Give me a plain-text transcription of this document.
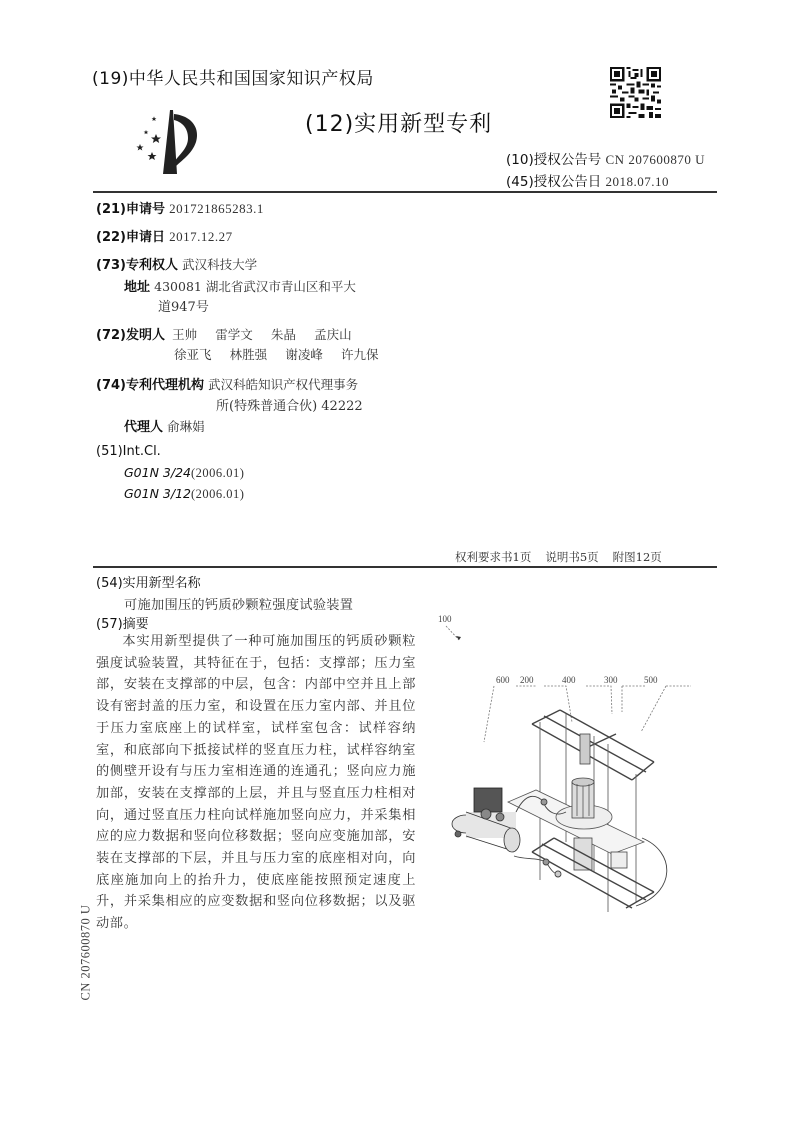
(19)中华人民共和国国家知识产权局
(12)实用新型专利
(10)授权公告号 CN 207600870 U
(45)授权公告日 2018.07.10
(21)申请号 201721865283.1
(22)申请日 2017.12.27
(73)专利权人 武汉科技大学
地址 430081 湖北省武汉市青山区和平大
道947号
(72)发明人 王帅 雷学文 朱晶 孟庆山
徐亚飞 林胜强 谢凌峰 许九保
(74)专利代理机构 武汉科皓知识产权代理事务
所(特殊普通合伙) 42222
代理人 俞琳娟
(51)Int.Cl.
G01N 3/24(2006.01)
G01N 3/12(2006.01)
权利要求书1页 说明书5页 附图12页
(54)实用新型名称
可施加围压的钙质砂颗粒强度试验装置
(57)摘要
本实用新型提供了一种可施加围压的钙质砂颗粒强度试验装置，其特征在于，包括：支撑部；压力室部，安装在支撑部的中层，包含：内部中空并且上部设有密封盖的压力室，和设置在压力室内部、并且位于压力室底座上的试样室，试样室包含：试样容纳室，和底部向下抵接试样的竖直压力柱，试样容纳室的侧壁开设有与压力室相连通的连通孔；竖向应力施加部，安装在支撑部的上层，并且与竖直压力柱相对向，通过竖直压力柱向试样施加竖向应力，并采集相应的应力数据和竖向位移数据；竖向应变施加部，安装在支撑部的下层，并且与压力室的底座相对向，向底座施加向上的抬升力，使底座能按照预定速度上升，并采集相应的应变数据和竖向位移数据；以及驱动部。
CN 207600870 U
100
600 200	400	300	500
